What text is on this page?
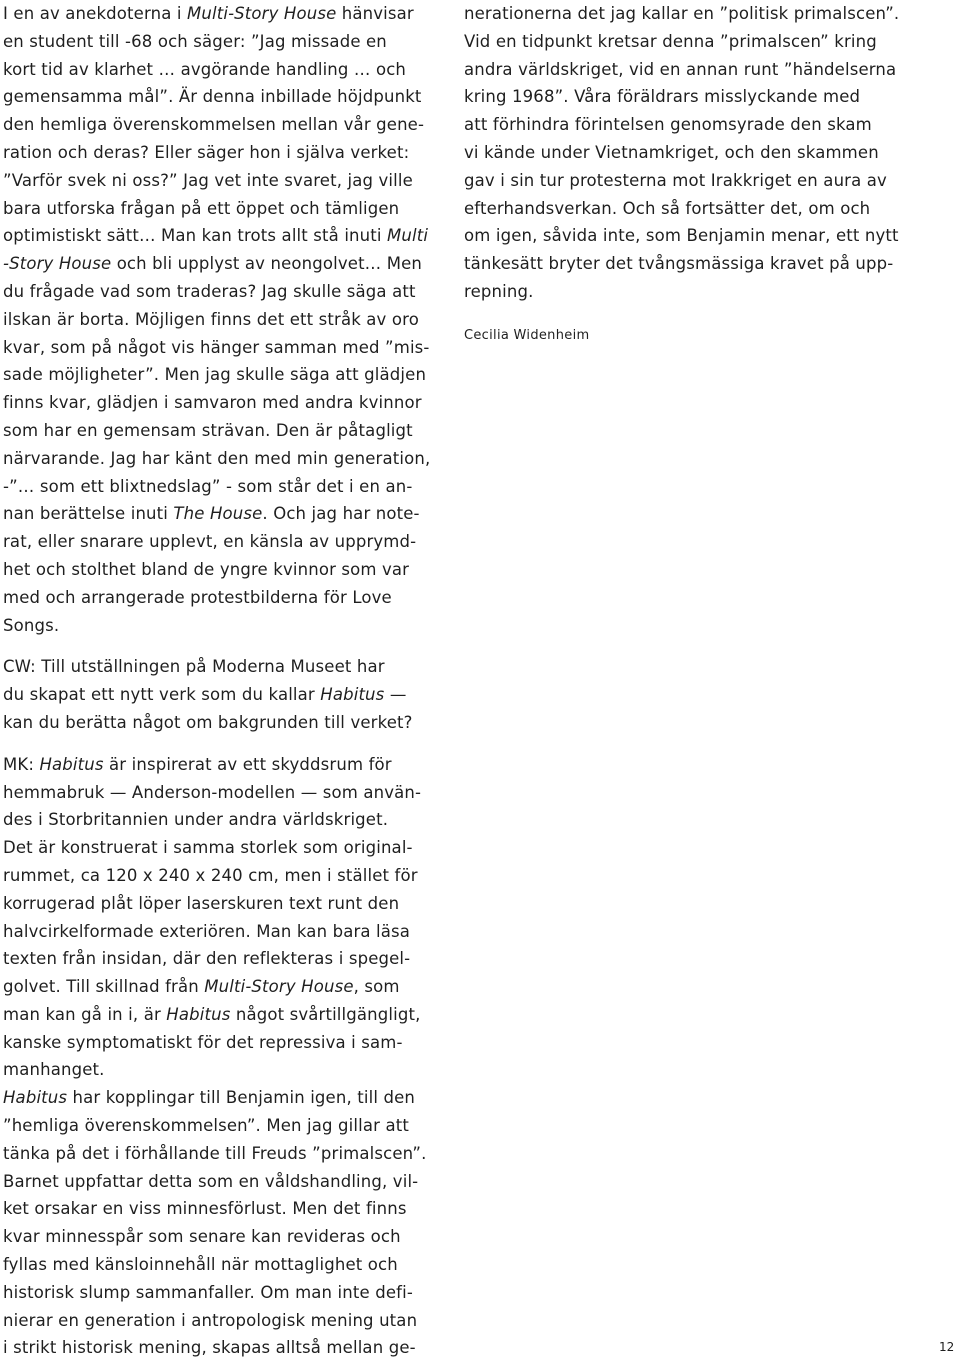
I en av anekdoterna i Multi-Story House hänvisar
en student till -68 och säger: ”Jag missade en
kort tid av klarhet … avgörande handling … och
gemensamma mål”. Är denna inbillade höjdpunkt
den hemliga överenskommelsen mellan vår gene-
ration och deras? Eller säger hon i själva verket:
”Varför svek ni oss?” Jag vet inte svaret, jag ville
bara utforska frågan på ett öppet och tämligen
optimistiskt sätt… Man kan trots allt stå inuti Multi
-Story House och bli upplyst av neongolvet… Men
du frågade vad som traderas? Jag skulle säga att
ilskan är borta. Möjligen finns det ett stråk av oro
kvar, som på något vis hänger samman med ”mis-
sade möjligheter”. Men jag skulle säga att glädjen
finns kvar, glädjen i samvaron med andra kvinnor
som har en gemensam strävan. Den är påtagligt
närvarande. Jag har känt den med min generation,
-”… som ett blixtnedslag” - som står det i en an-
nan berättelse inuti The House. Och jag har note-
rat, eller snarare upplevt, en känsla av upprymd-
het och stolthet bland de yngre kvinnor som var
med och arrangerade protestbilderna för Love
Songs.
CW: Till utställningen på Moderna Museet har
du skapat ett nytt verk som du kallar Habitus —
kan du berätta något om bakgrunden till verket?
MK: Habitus är inspirerat av ett skyddsrum för
hemmabruk — Anderson-modellen — som använ-
des i Storbritannien under andra världskriget.
Det är konstruerat i samma storlek som original-
rummet, ca 120 x 240 x 240 cm, men i stället för
korrugerad plåt löper laserskuren text runt den
halvcirkelformade exteriören. Man kan bara läsa
texten från insidan, där den reflekteras i spegel-
golvet. Till skillnad från Multi-Story House, som
man kan gå in i, är Habitus något svårtillgängligt,
kanske symptomatiskt för det repressiva i sam-
manhanget.
Habitus har kopplingar till Benjamin igen, till den
”hemliga överenskommelsen”. Men jag gillar att
tänka på det i förhållande till Freuds ”primalscen”.
Barnet uppfattar detta som en våldshandling, vil-
ket orsakar en viss minnesförlust. Men det finns
kvar minnesspår som senare kan revideras och
fyllas med känsloinnehåll när mottaglighet och
historisk slump sammanfaller. Om man inte defi-
nierar en generation i antropologisk mening utan
i strikt historisk mening, skapas alltså mellan ge-
nerationerna det jag kallar en ”politisk primalscen”.
Vid en tidpunkt kretsar denna ”primalscen” kring
andra världskriget, vid en annan runt ”händelserna
kring 1968”. Våra föräldrars misslyckande med
att förhindra förintelsen genomsyrade den skam
vi kände under Vietnamkriget, och den skammen
gav i sin tur protesterna mot Irakkriget en aura av
efterhandsverkan. Och så fortsätter det, om och
om igen, såvida inte, som Benjamin menar, ett nytt
tänkesätt bryter det tvångsmässiga kravet på upp-
repning.
Cecilia Widenheim
12
